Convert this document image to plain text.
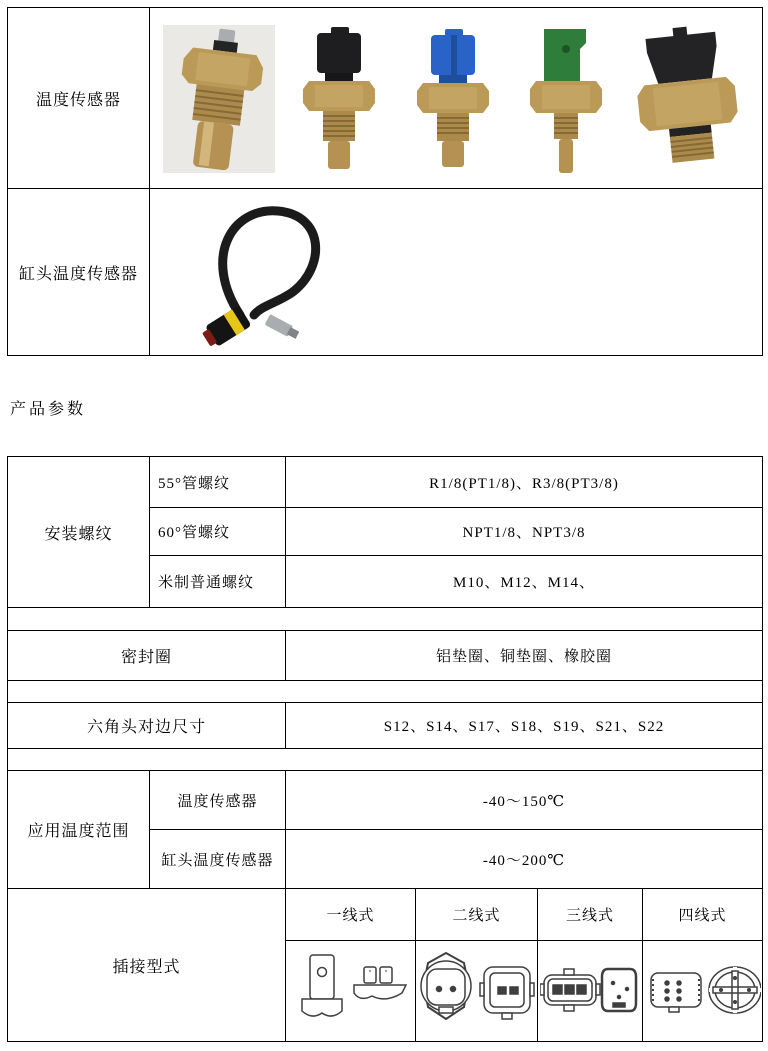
温度传感器
缸头温度传感器
产品参数
安装螺纹
55°管螺纹	R1/8(PT1/8)、R3/8(PT3/8)
60°管螺纹	NPT1/8、NPT3/8
米制普通螺纹	M10、M12、M14、
密封圈	铝垫圈、铜垫圈、橡胶圈
六角头对边尺寸	S12、S14、S17、S18、S19、S21、S22
应用温度范围
温度传感器	-40～150℃
缸头温度传感器	-40～200℃
插接型式
一线式	二线式	三线式	四线式
